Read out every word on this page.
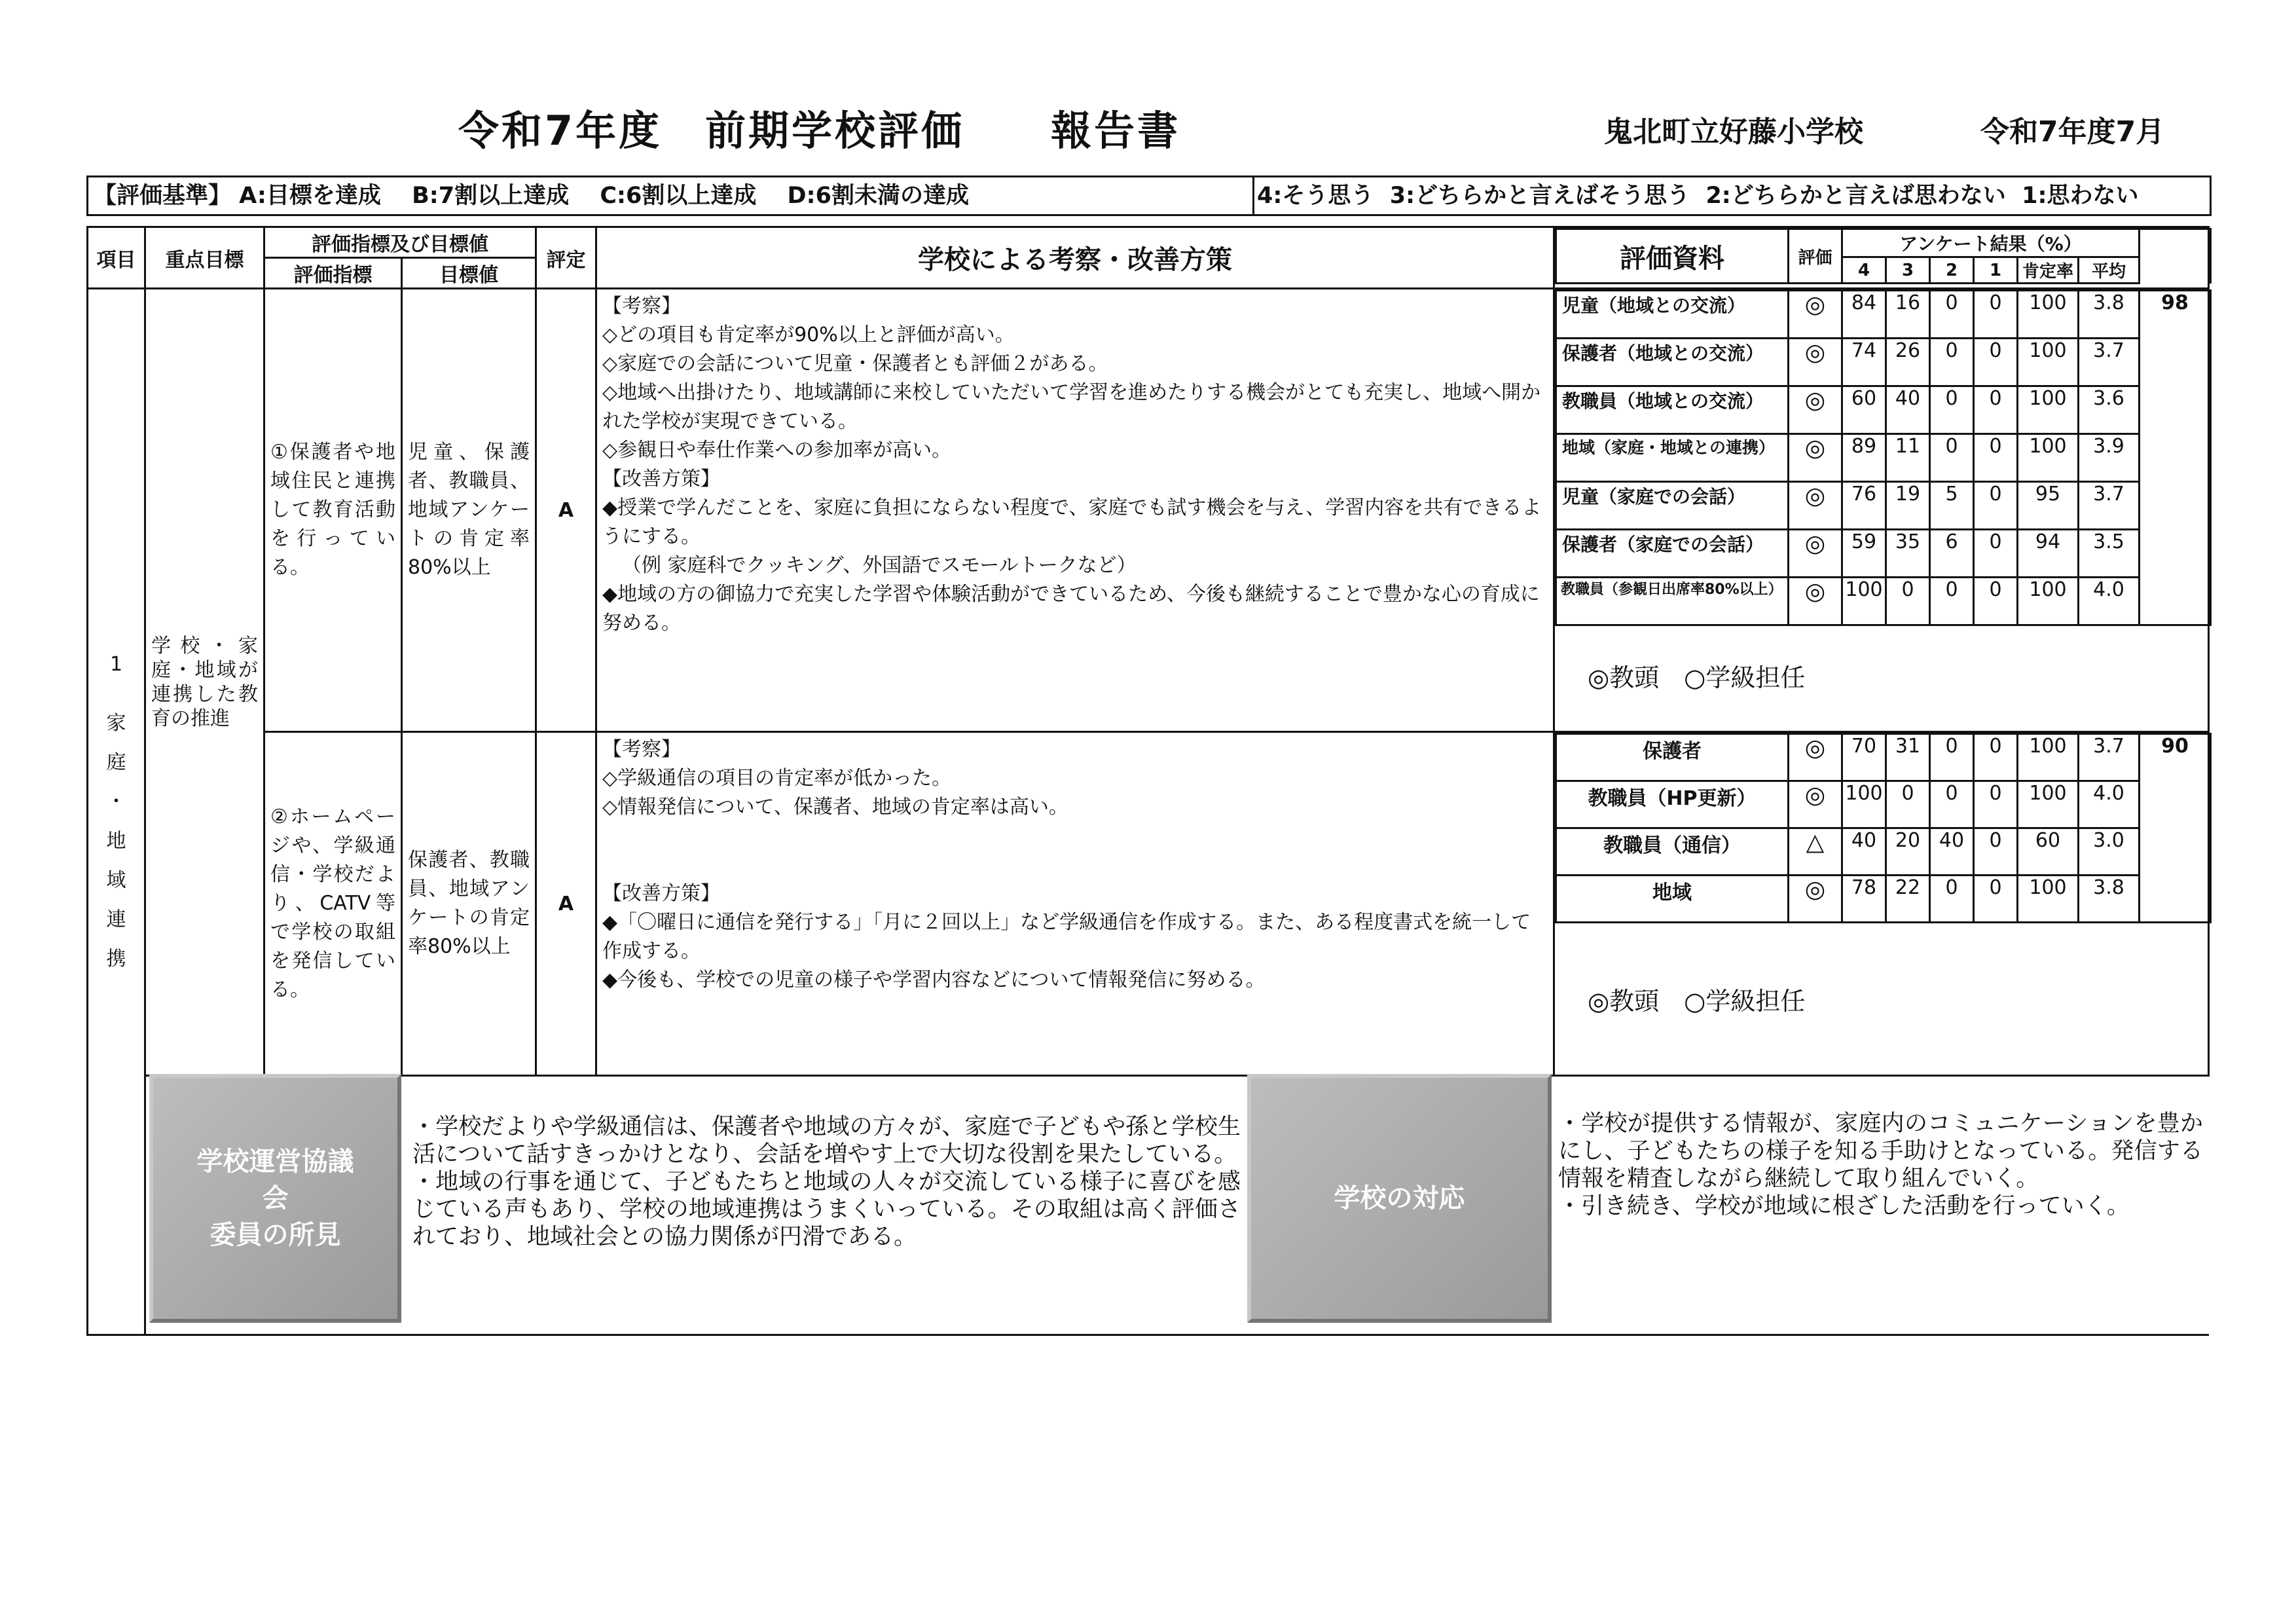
令和7年度　前期学校評価　　報告書	鬼北町立好藤小学校	令和7年度7月
【評価基準】 A:目標を達成　 B:7割以上達成　 C:6割以上達成　 D:6割未満の達成	4:そう思う  3:どちらかと言えばそう思う  2:どちらかと言えば思わない  1:思わない
項目	重点目標	評価指標及び目標値	評定	学校による考察・改善方策		評価資料	評価	アンケート結果（%）	
4	3	2	1	肯定率	平均

評価指標	目標値

1
家
庭
・
地
域
連
携
	学校・家庭・地域が連携した教育の推進	①保護者や地域住民と連携して教育活動を行っている。	児童、保護者、教職員、地域アンケートの肯定率80%以上	A	

【考察】

◇どの項目も肯定率が90%以上と評価が高い。

◇家庭での会話について児童・保護者とも評価２がある。

◇地域へ出掛けたり、地域講師に来校していただいて学習を進めたりする機会がとても充実し、地域へ開かれた学校が実現できている。

◇参観日や奉仕作業への参加率が高い。

【改善方策】

◆授業で学んだことを、家庭に負担にならない程度で、家庭でも試す機会を与え、学習内容を共有できるようにする。

（例 家庭科でクッキング、外国語でスモールトークなど）

◆地域の方の御協力で充実した学習や体験活動ができているため、今後も継続することで豊かな心の育成に努める。

児童（地域との交流）	◎	84	16	0	0	100	3.8	98
保護者（地域との交流）	◎	74	26	0	0	100	3.7
教職員（地域との交流）	◎	60	40	0	0	100	3.6
地域（家庭・地域との連携）	◎	89	11	0	0	100	3.9
児童（家庭での会話）	◎	76	19	5	0	95	3.7
保護者（家庭での会話）	◎	59	35	6	0	94	3.5
教職員（参観日出席率80%以上）	◎	100	0	0	0	100	4.0
◎教頭　○学級担任

②ホームページや、学級通信・学校だより、CATV等で学校の取組を発信している。	保護者、教職員、地域アンケートの肯定率80%以上	A	

【考察】

◇学級通信の項目の肯定率が低かった。

◇情報発信について、保護者、地域の肯定率は高い。

【改善方策】

◆「〇曜日に通信を発行する」「月に２回以上」など学級通信を作成する。また、ある程度書式を統一して作成する。

◆今後も、学校での児童の様子や学習内容などについて情報発信に努める。

保護者	◎	70	31	0	0	100	3.7	90
教職員（HP更新）	◎	100	0	0	0	100	4.0
教職員（通信）	△	40	20	40	0	60	3.0
地域	◎	78	22	0	0	100	3.8
◎教頭　○学級担任

学校運営協議
会
委員の所見

・学校だよりや学級通信は、保護者や地域の方々が、家庭で子どもや孫と学校生活について話すきっかけとなり、会話を増やす上で大切な役割を果たしている。

・地域の行事を通じて、子どもたちと地域の人々が交流している様子に喜びを感じている声もあり、学校の地域連携はうまくいっている。その取組は高く評価されており、地域社会との協力関係が円滑である。

学校の対応

・学校が提供する情報が、家庭内のコミュニケーションを豊かにし、子どもたちの様子を知る手助けとなっている。発信する情報を精査しながら継続して取り組んでいく。

・引き続き、学校が地域に根ざした活動を行っていく。
